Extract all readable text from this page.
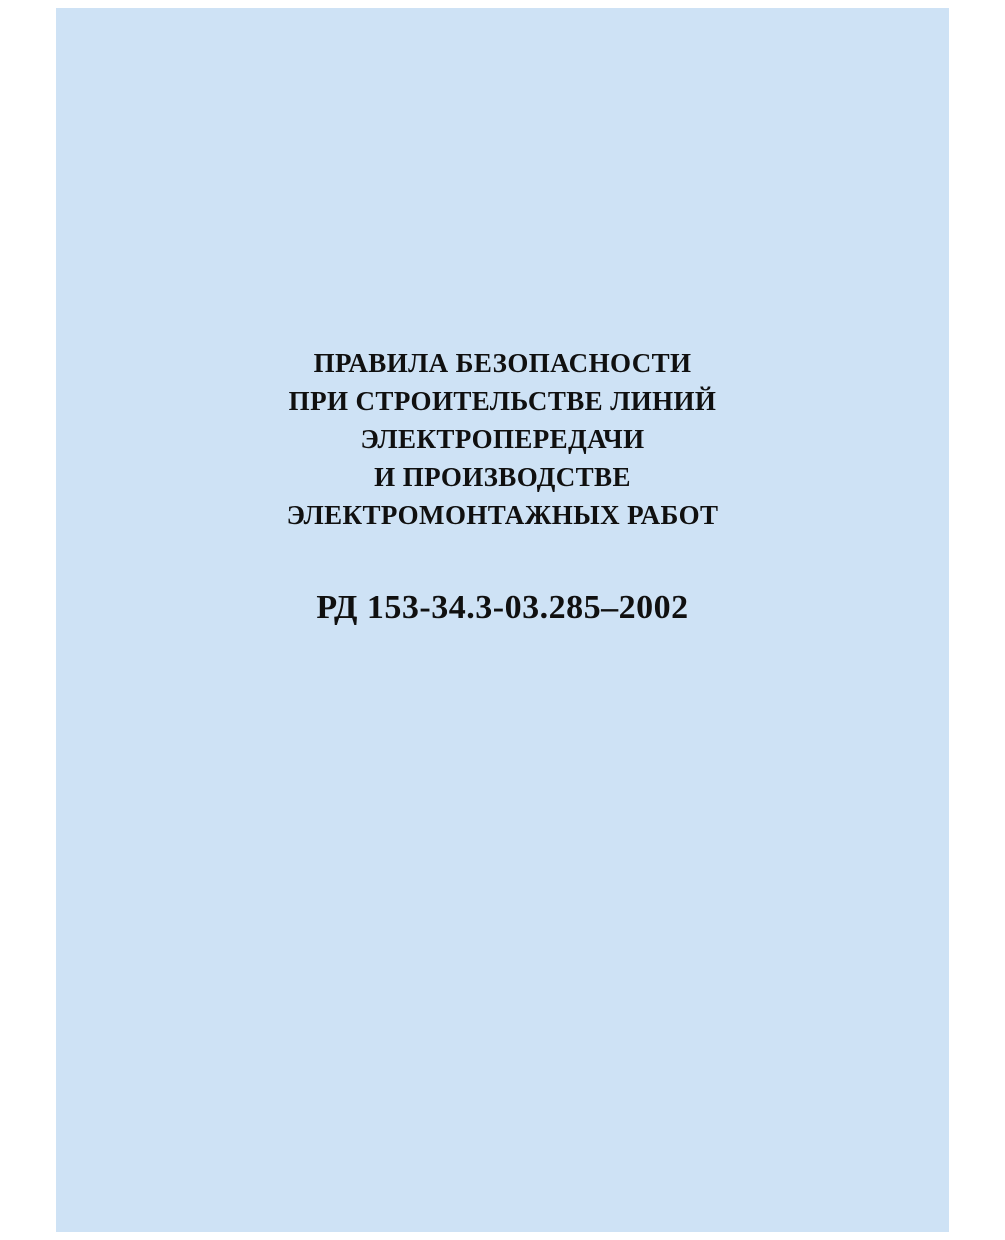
ПРАВИЛА БЕЗОПАСНОСТИ
ПРИ СТРОИТЕЛЬСТВЕ ЛИНИЙ
ЭЛЕКТРОПЕРЕДАЧИ
И ПРОИЗВОДСТВЕ
ЭЛЕКТРОМОНТАЖНЫХ РАБОТ
РД 153-34.3-03.285–2002
